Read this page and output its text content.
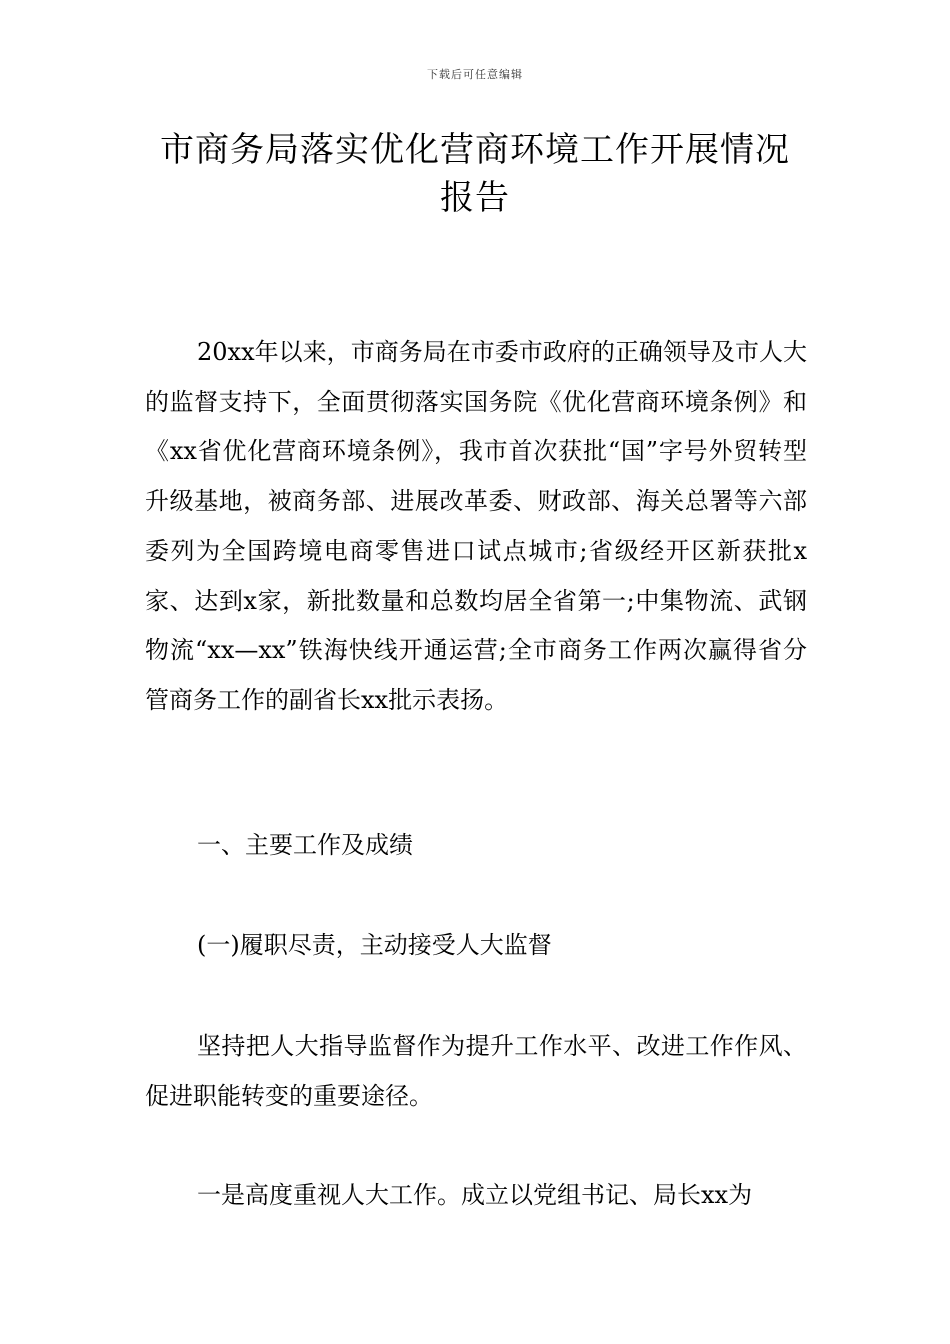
下载后可任意编辑
市商务局落实优化营商环境工作开展情况
报告

20xx年以来，市商务局在市委市政府的正确领导及市人大的监督支持下，全面贯彻落实国务院《优化营商环境条例》和《xx省优化营商环境条例》，我市首次获批“国”字号外贸转型升级基地，被商务部、进展改革委、财政部、海关总署等六部委列为全国跨境电商零售进口试点城市;省级经开区新获批x家、达到x家，新批数量和总数均居全省第一;中集物流、武钢物流“xx—xx”铁海快线开通运营;全市商务工作两次赢得省分管商务工作的副省长xx批示表扬。

一、主要工作及成绩

(一)履职尽责，主动接受人大监督

坚持把人大指导监督作为提升工作水平、改进工作作风、促进职能转变的重要途径。

一是高度重视人大工作。成立以党组书记、局长xx为
